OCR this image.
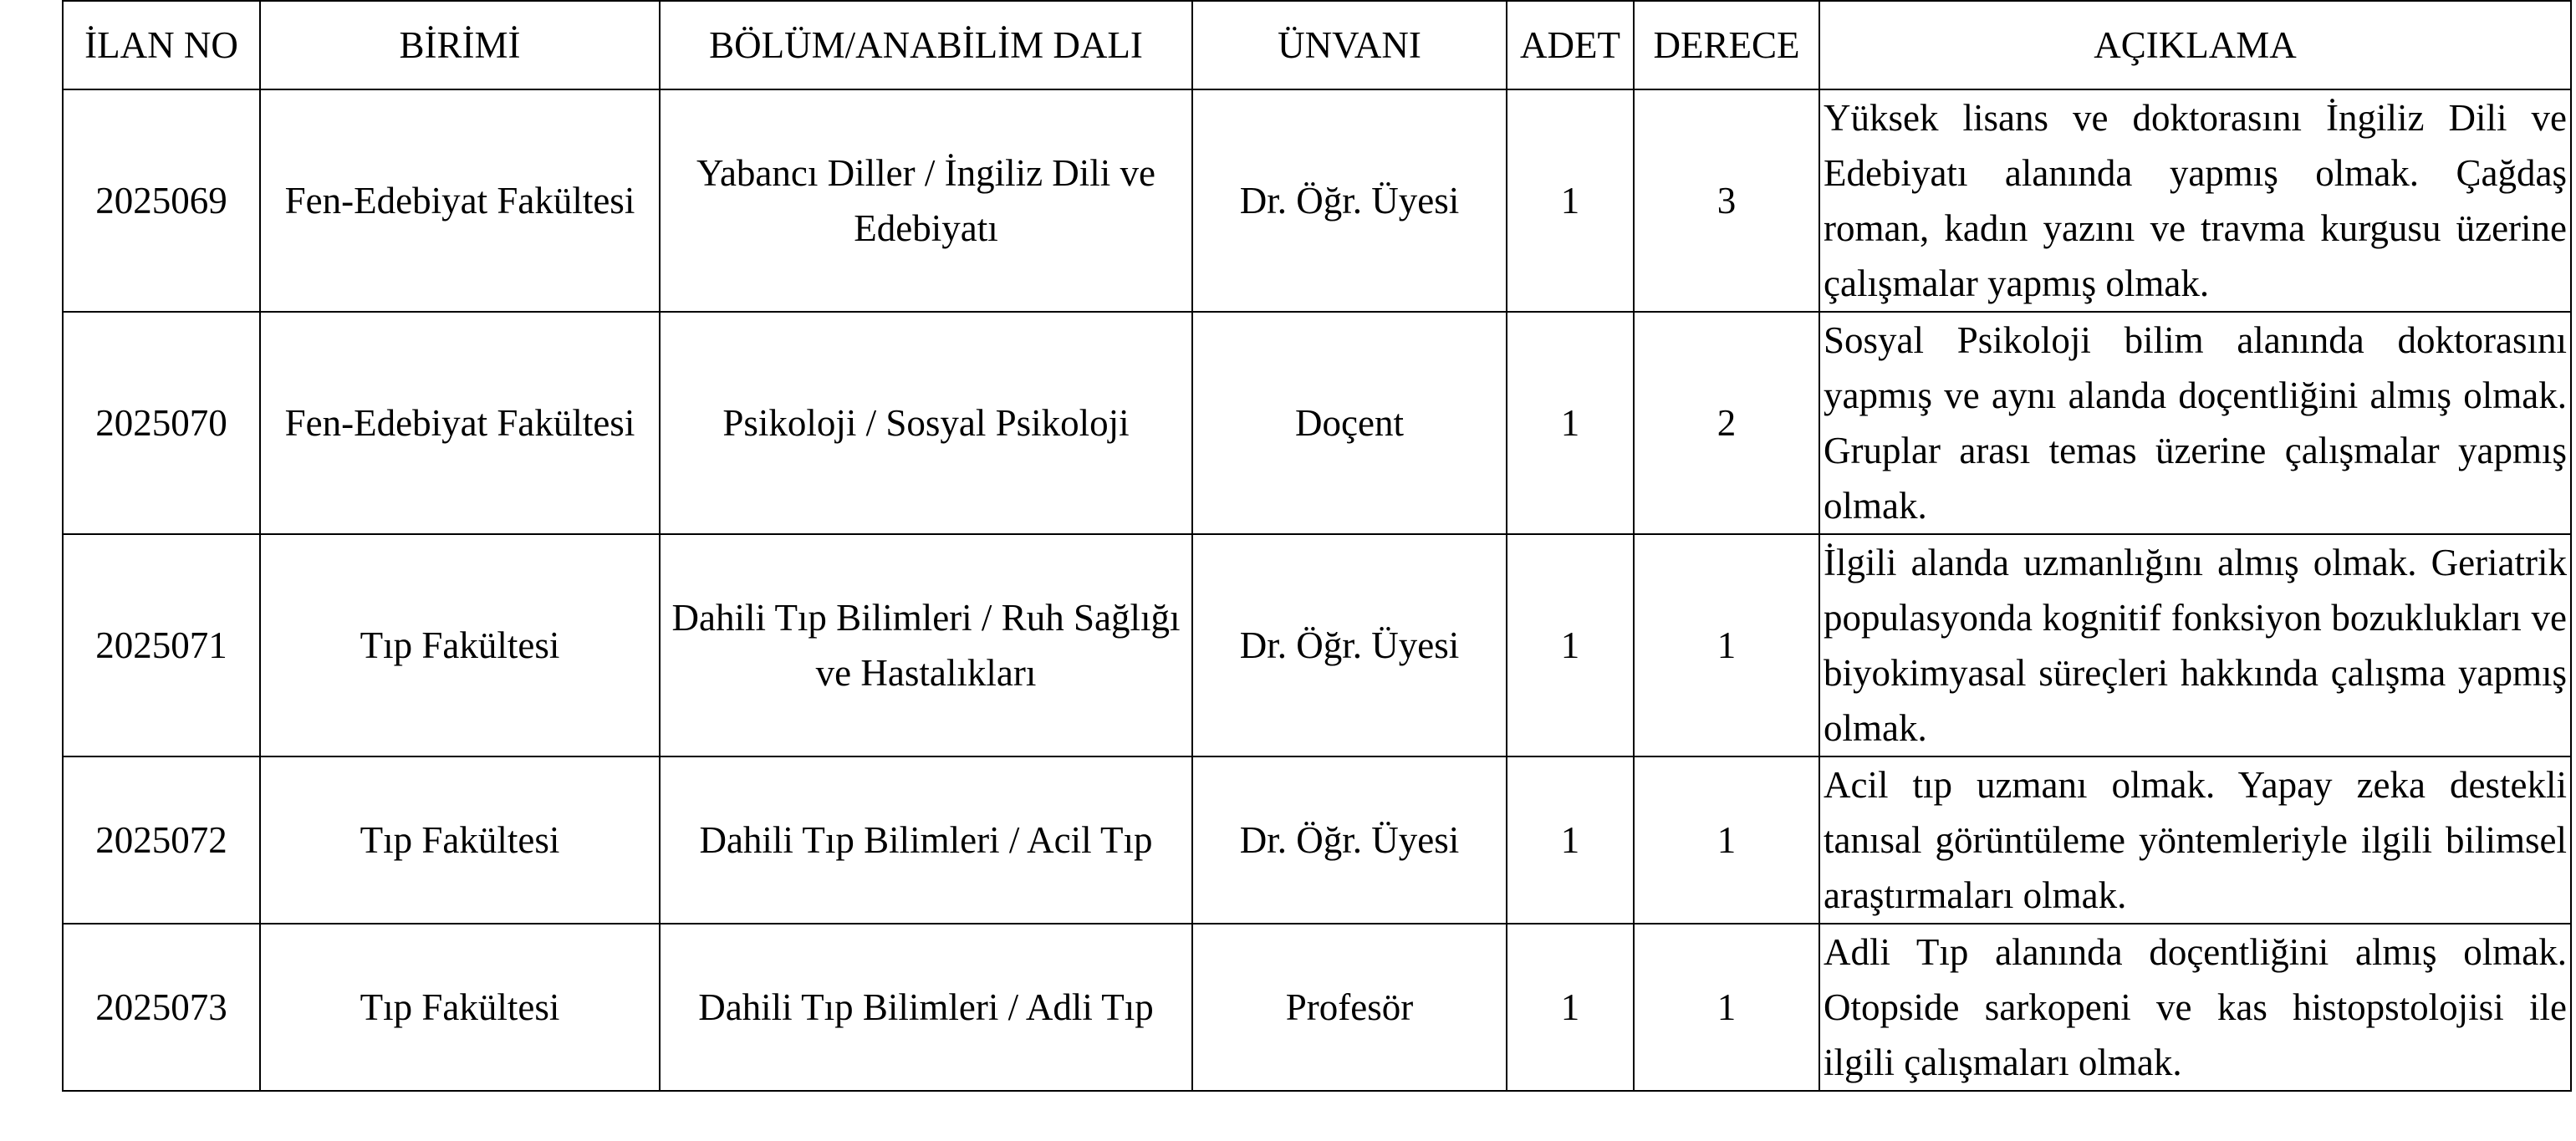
İLAN NO	BİRİMİ	BÖLÜM/ANABİLİM DALI	ÜNVANI	ADET	DERECE	AÇIKLAMA
2025069	Fen-Edebiyat Fakültesi	Yabancı Diller / İngiliz Dili ve Edebiyatı	Dr. Öğr. Üyesi	1	3	Yüksek lisans ve doktorasını İngiliz Dili ve Edebiyatı alanında yapmış olmak. Çağdaş roman, kadın yazını ve travma kurgusu üzerine çalışmalar yapmış olmak.
2025070	Fen-Edebiyat Fakültesi	Psikoloji / Sosyal Psikoloji	Doçent	1	2	Sosyal Psikoloji bilim alanında doktorasını yapmış ve aynı alanda doçentliğini almış olmak. Gruplar arası temas üzerine çalışmalar yapmış olmak.
2025071	Tıp Fakültesi	Dahili Tıp Bilimleri / Ruh Sağlığı ve Hastalıkları	Dr. Öğr. Üyesi	1	1	İlgili alanda uzmanlığını almış olmak. Geriatrik populasyonda kognitif fonksiyon bozuklukları ve biyokimyasal süreçleri hakkında çalışma yapmış olmak.
2025072	Tıp Fakültesi	Dahili Tıp Bilimleri / Acil Tıp	Dr. Öğr. Üyesi	1	1	Acil tıp uzmanı olmak. Yapay zeka destekli tanısal görüntüleme yöntemleriyle ilgili bilimsel araştırmaları olmak.
2025073	Tıp Fakültesi	Dahili Tıp Bilimleri / Adli Tıp	Profesör	1	1	Adli Tıp alanında doçentliğini almış olmak. Otopside sarkopeni ve kas histopstolojisi ile ilgili çalışmaları olmak.
